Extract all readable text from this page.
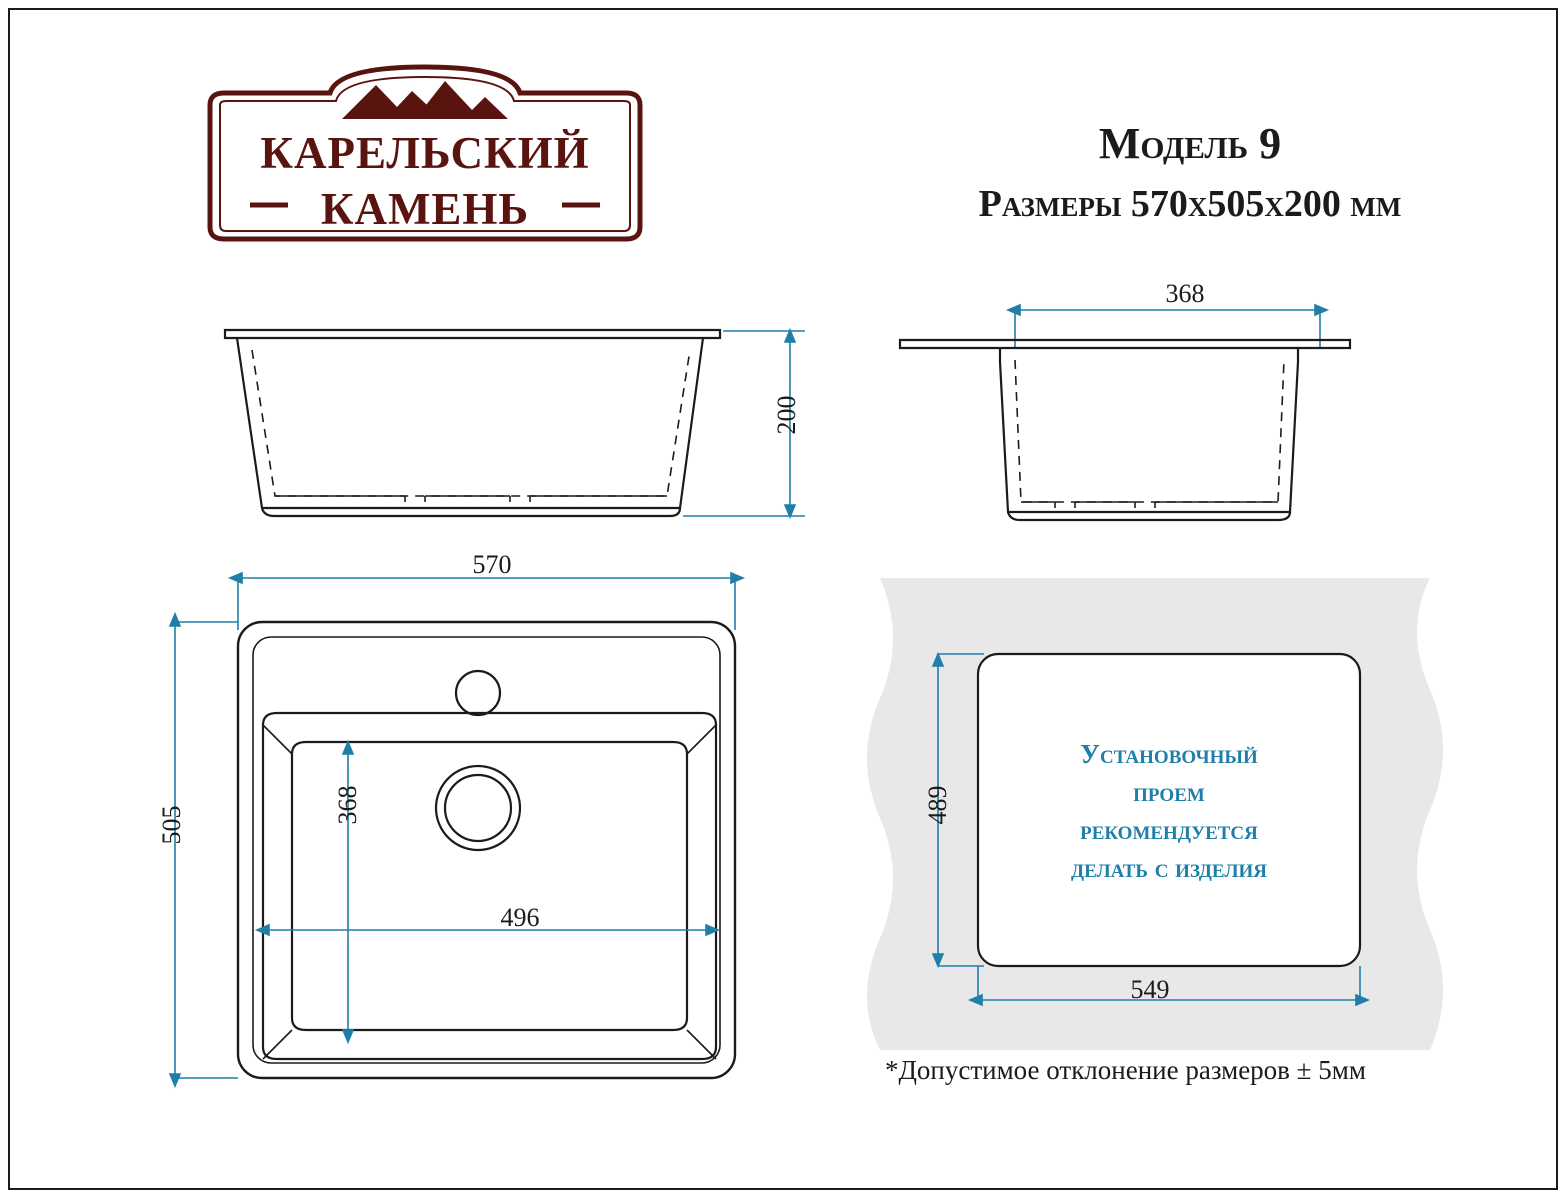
КАРЕЛЬСКИЙ
КАМЕНЬ
Модель 9
Размеры 570x505x200 мм
200
368
570
505
368
496
489
549
Установочный
проем
рекомендуется
делать с изделия
*Допустимое отклонение размеров ± 5мм
